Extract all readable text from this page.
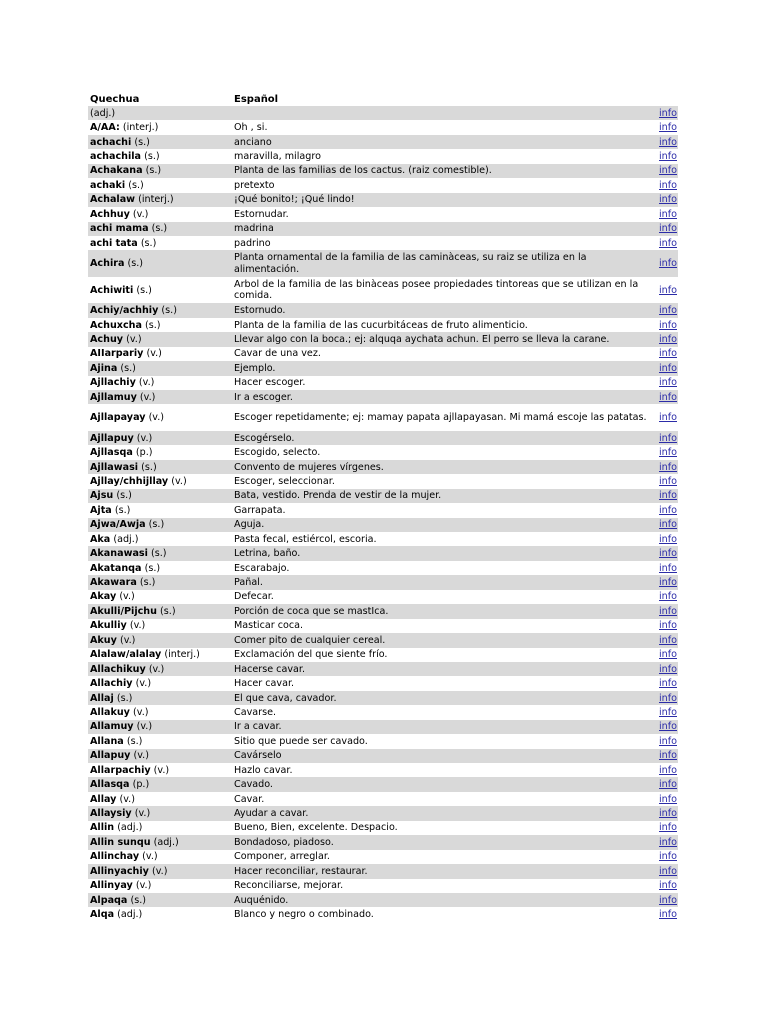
Quechua	Español	
(adj.)		info
A/AA: (interj.)	Oh , si.	info
achachi (s.)	anciano	info
achachila (s.)	maravilla, milagro	info
Achakana (s.)	Planta de las familias de los cactus. (raiz comestible).	info
achaki (s.)	pretexto	info
Achalaw (interj.)	¡Qué bonito!; ¡Qué lindo!	info
Achhuy (v.)	Estornudar.	info
achi mama (s.)	madrina	info
achi tata (s.)	padrino	info
Achira (s.)	Planta ornamental de la familia de las caminàceas, su raiz se utiliza en la alimentación.	info
Achiwiti (s.)	Arbol de la familia de las binàceas posee propiedades tintoreas que se utilizan en la comida.	info
Achiy/achhiy (s.)	Estornudo.	info
Achuxcha (s.)	Planta de la familia de las cucurbitáceas de fruto alimenticio.	info
Achuy (v.)	Llevar algo con la boca.; ej: alquqa aychata achun. El perro se lleva la carane.	info
AIIarpariy (v.)	Cavar de una vez.	info
Ajina (s.)	Ejemplo.	info
Ajllachiy (v.)	Hacer escoger.	info
Ajllamuy (v.)	Ir a escoger.	info
Ajllapayay (v.)	Escoger repetidamente; ej: mamay papata ajllapayasan. Mi mamá escoje las patatas.	info
Ajllapuy (v.)	Escogérselo.	info
Ajllasqa (p.)	Escogido, selecto.	info
Ajllawasi (s.)	Convento de mujeres vírgenes.	info
Ajllay/chhijllay (v.)	Escoger, seleccionar.	info
Ajsu (s.)	Bata, vestido. Prenda de vestir de la mujer.	info
Ajta (s.)	Garrapata.	info
Ajwa/Awja (s.)	Aguja.	info
Aka (adj.)	Pasta fecal, estiércol, escoria.	info
Akanawasi (s.)	Letrina, baño.	info
Akatanqa (s.)	Escarabajo.	info
Akawara (s.)	Pañal.	info
Akay (v.)	Defecar.	info
Akulli/Pijchu (s.)	Porción de coca que se mastIca.	info
Akulliy (v.)	Masticar coca.	info
Akuy (v.)	Comer pito de cualquier cereal.	info
Alalaw/alalay (interj.)	Exclamación del que siente frío.	info
Allachikuy (v.)	Hacerse cavar.	info
Allachiy (v.)	Hacer cavar.	info
Allaj (s.)	El que cava, cavador.	info
Allakuy (v.)	Cavarse.	info
Allamuy (v.)	Ir a cavar.	info
Allana (s.)	Sitio que puede ser cavado.	info
Allapuy (v.)	Cavárselo	info
Allarpachiy (v.)	Hazlo cavar.	info
Allasqa (p.)	Cavado.	info
Allay (v.)	Cavar.	info
Allaysiy (v.)	Ayudar a cavar.	info
Allin (adj.)	Bueno, Bien, excelente. Despacio.	info
Allin sunqu (adj.)	Bondadoso, piadoso.	info
Allinchay (v.)	Componer, arreglar.	info
Allinyachiy (v.)	Hacer reconciliar, restaurar.	info
Allinyay (v.)	Reconciliarse, mejorar.	info
Alpaqa (s.)	Auquénido.	info
Alqa (adj.)	Blanco y negro o combinado.	info
